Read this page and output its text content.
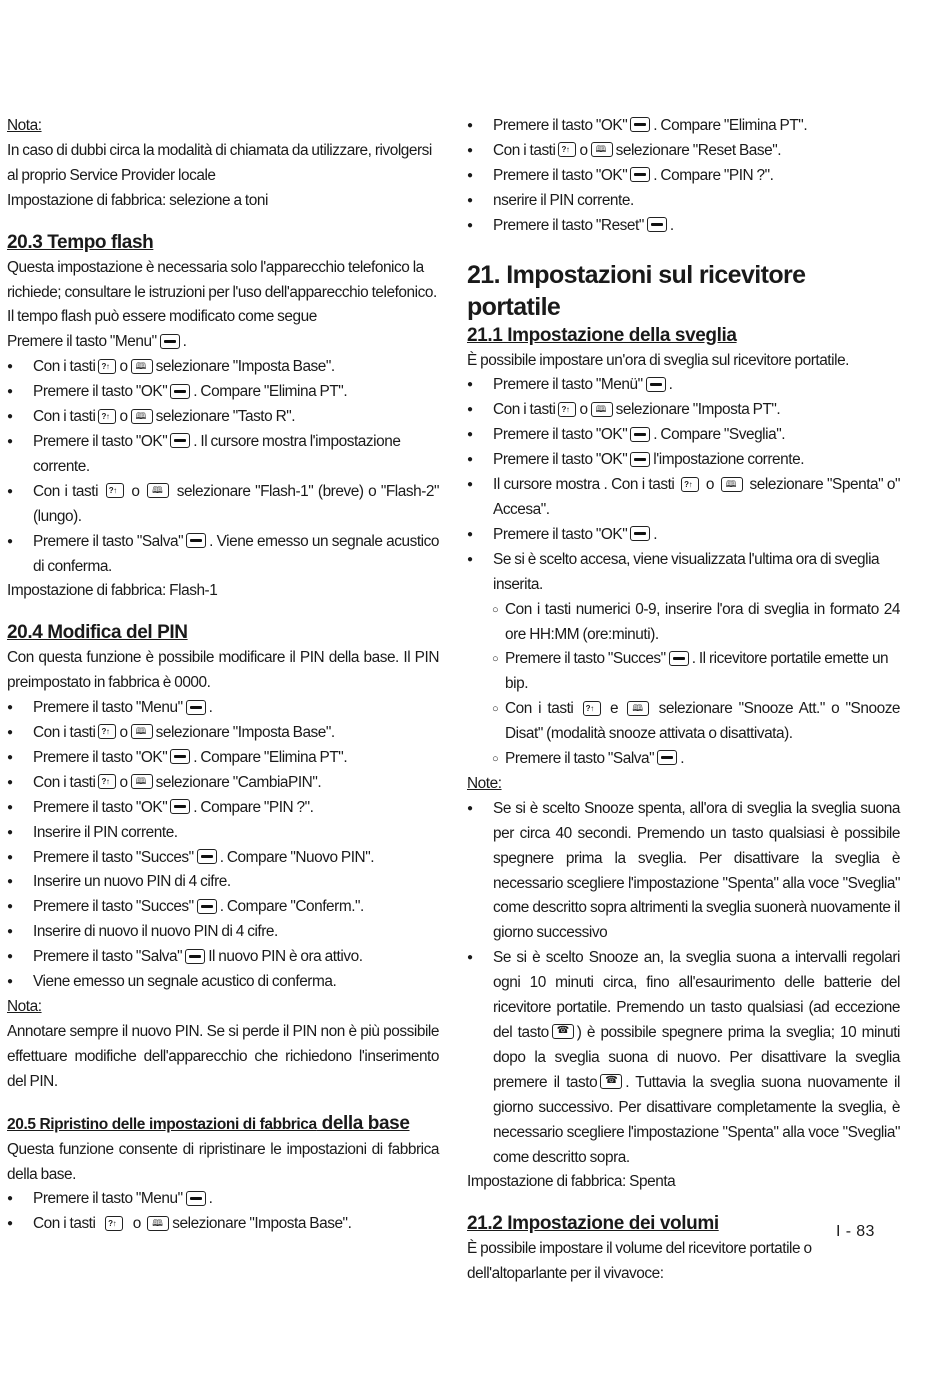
Nota:
In caso di dubbi circa la modalità di chiamata da utilizzare, rivolgersi al proprio Service Provider locale
Impostazione di fabbrica: selezione a toni
20.3 Tempo flash
Questa impostazione è necessaria solo l'apparecchio telefonico la richiede; consultare le istruzioni per l'uso dell'apparecchio telefonico.
Il tempo flash può essere modificato come segue
Premere il tasto "Menu" .
● Con i tasti ?↑ o 🕮 selezionare "Imposta Base".
● Premere il tasto "OK" . Compare "Elimina PT".
● Con i tasti ?↑ o 🕮 selezionare "Tasto R".
● Premere il tasto "OK" . Il cursore mostra l'impostazione corrente.
● Con i tasti ?↑ o 🕮 selezionare "Flash-1" (breve) o "Flash-2" (lungo).
● Premere il tasto "Salva" . Viene emesso un segnale acustico di conferma.
Impostazione di fabbrica: Flash-1
20.4 Modifica del PIN
Con questa funzione è possibile modificare il PIN della base. Il PIN preimpostato in fabbrica è 0000.
● Premere il tasto "Menu" .
● Con i tasti ?↑ o 🕮 selezionare "Imposta Base".
● Premere il tasto "OK" . Compare "Elimina PT".
● Con i tasti ?↑ o 🕮 selezionare "CambiaPIN".
● Premere il tasto "OK" . Compare "PIN ?".
● Inserire il PIN corrente.
● Premere il tasto "Succes" . Compare "Nuovo PIN".
● Inserire un nuovo PIN di 4 cifre.
● Premere il tasto "Succes" . Compare "Conferm.".
● Inserire di nuovo il nuovo PIN di 4 cifre.
● Premere il tasto "Salva" Il nuovo PIN è ora attivo.
● Viene emesso un segnale acustico di conferma.
Nota:
Annotare sempre il nuovo PIN. Se si perde il PIN non è più possibile effettuare modifiche dell'apparecchio che richiedono l'inserimento del PIN.
20.5 Ripristino delle impostazioni di fabbrica della base
Questa funzione consente di ripristinare le impostazioni di fabbrica della base.
● Premere il tasto "Menu" .
● Con i tasti ?↑ o 🕮 selezionare "Imposta Base".
● Premere il tasto "OK" . Compare "Elimina PT".
● Con i tasti ?↑ o 🕮 selezionare "Reset Base".
● Premere il tasto "OK" . Compare "PIN ?".
● nserire il PIN corrente.
● Premere il tasto "Reset" .
21. Impostazioni sul ricevitore portatile
21.1 Impostazione della sveglia
È possibile impostare un'ora di sveglia sul ricevitore portatile.
● Premere il tasto "Menü" .
● Con i tasti ?↑ o 🕮 selezionare "Imposta PT".
● Premere il tasto "OK" . Compare "Sveglia".
● Premere il tasto "OK" l'impostazione corrente.
● Il cursore mostra . Con i tasti ?↑ o 🕮 selezionare "Spenta" o" Accesa".
● Premere il tasto "OK" .
● Se si è scelto accesa, viene visualizzata l'ultima ora di sveglia inserita.
○ Con i tasti numerici 0-9, inserire l'ora di sveglia in formato 24 ore HH:MM (ore:minuti).
○ Premere il tasto "Succes" . Il ricevitore portatile emette un bip.
○ Con i tasti ?↑ e 🕮	selezionare "Snooze Att." o "Snooze Disat" (modalità snooze attivata o disattivata).
○ Premere il tasto "Salva" .
Note:
● Se si è scelto Snooze spenta, all'ora di sveglia la sveglia suona per circa 40 secondi. Premendo un tasto qualsiasi è possibile spegnere prima la sveglia. Per disattivare la sveglia è necessario scegliere l'impostazione "Spenta" alla voce "Sveglia" come descritto sopra altrimenti la sveglia suonerà nuovamente il giorno successivo
● Se si è scelto Snooze an, la sveglia suona a intervalli regolari ogni 10 minuti circa, fino all'esaurimento delle batterie del ricevitore portatile. Premendo un tasto qualsiasi (ad eccezione del tasto ☎ ) è possibile spegnere prima la sveglia; 10 minuti dopo la sveglia suona di nuovo. Per disattivare la sveglia premere il tasto ☎ . Tuttavia la sveglia suona nuovamente il giorno successivo. Per disattivare completamente la sveglia, è necessario scegliere l'impostazione "Spenta" alla voce "Sveglia" come descritto sopra.
Impostazione di fabbrica: Spenta
21.2 Impostazione dei volumi
È possibile impostare il volume del ricevitore portatile o dell'altoparlante per il vivavoce:
I - 83
